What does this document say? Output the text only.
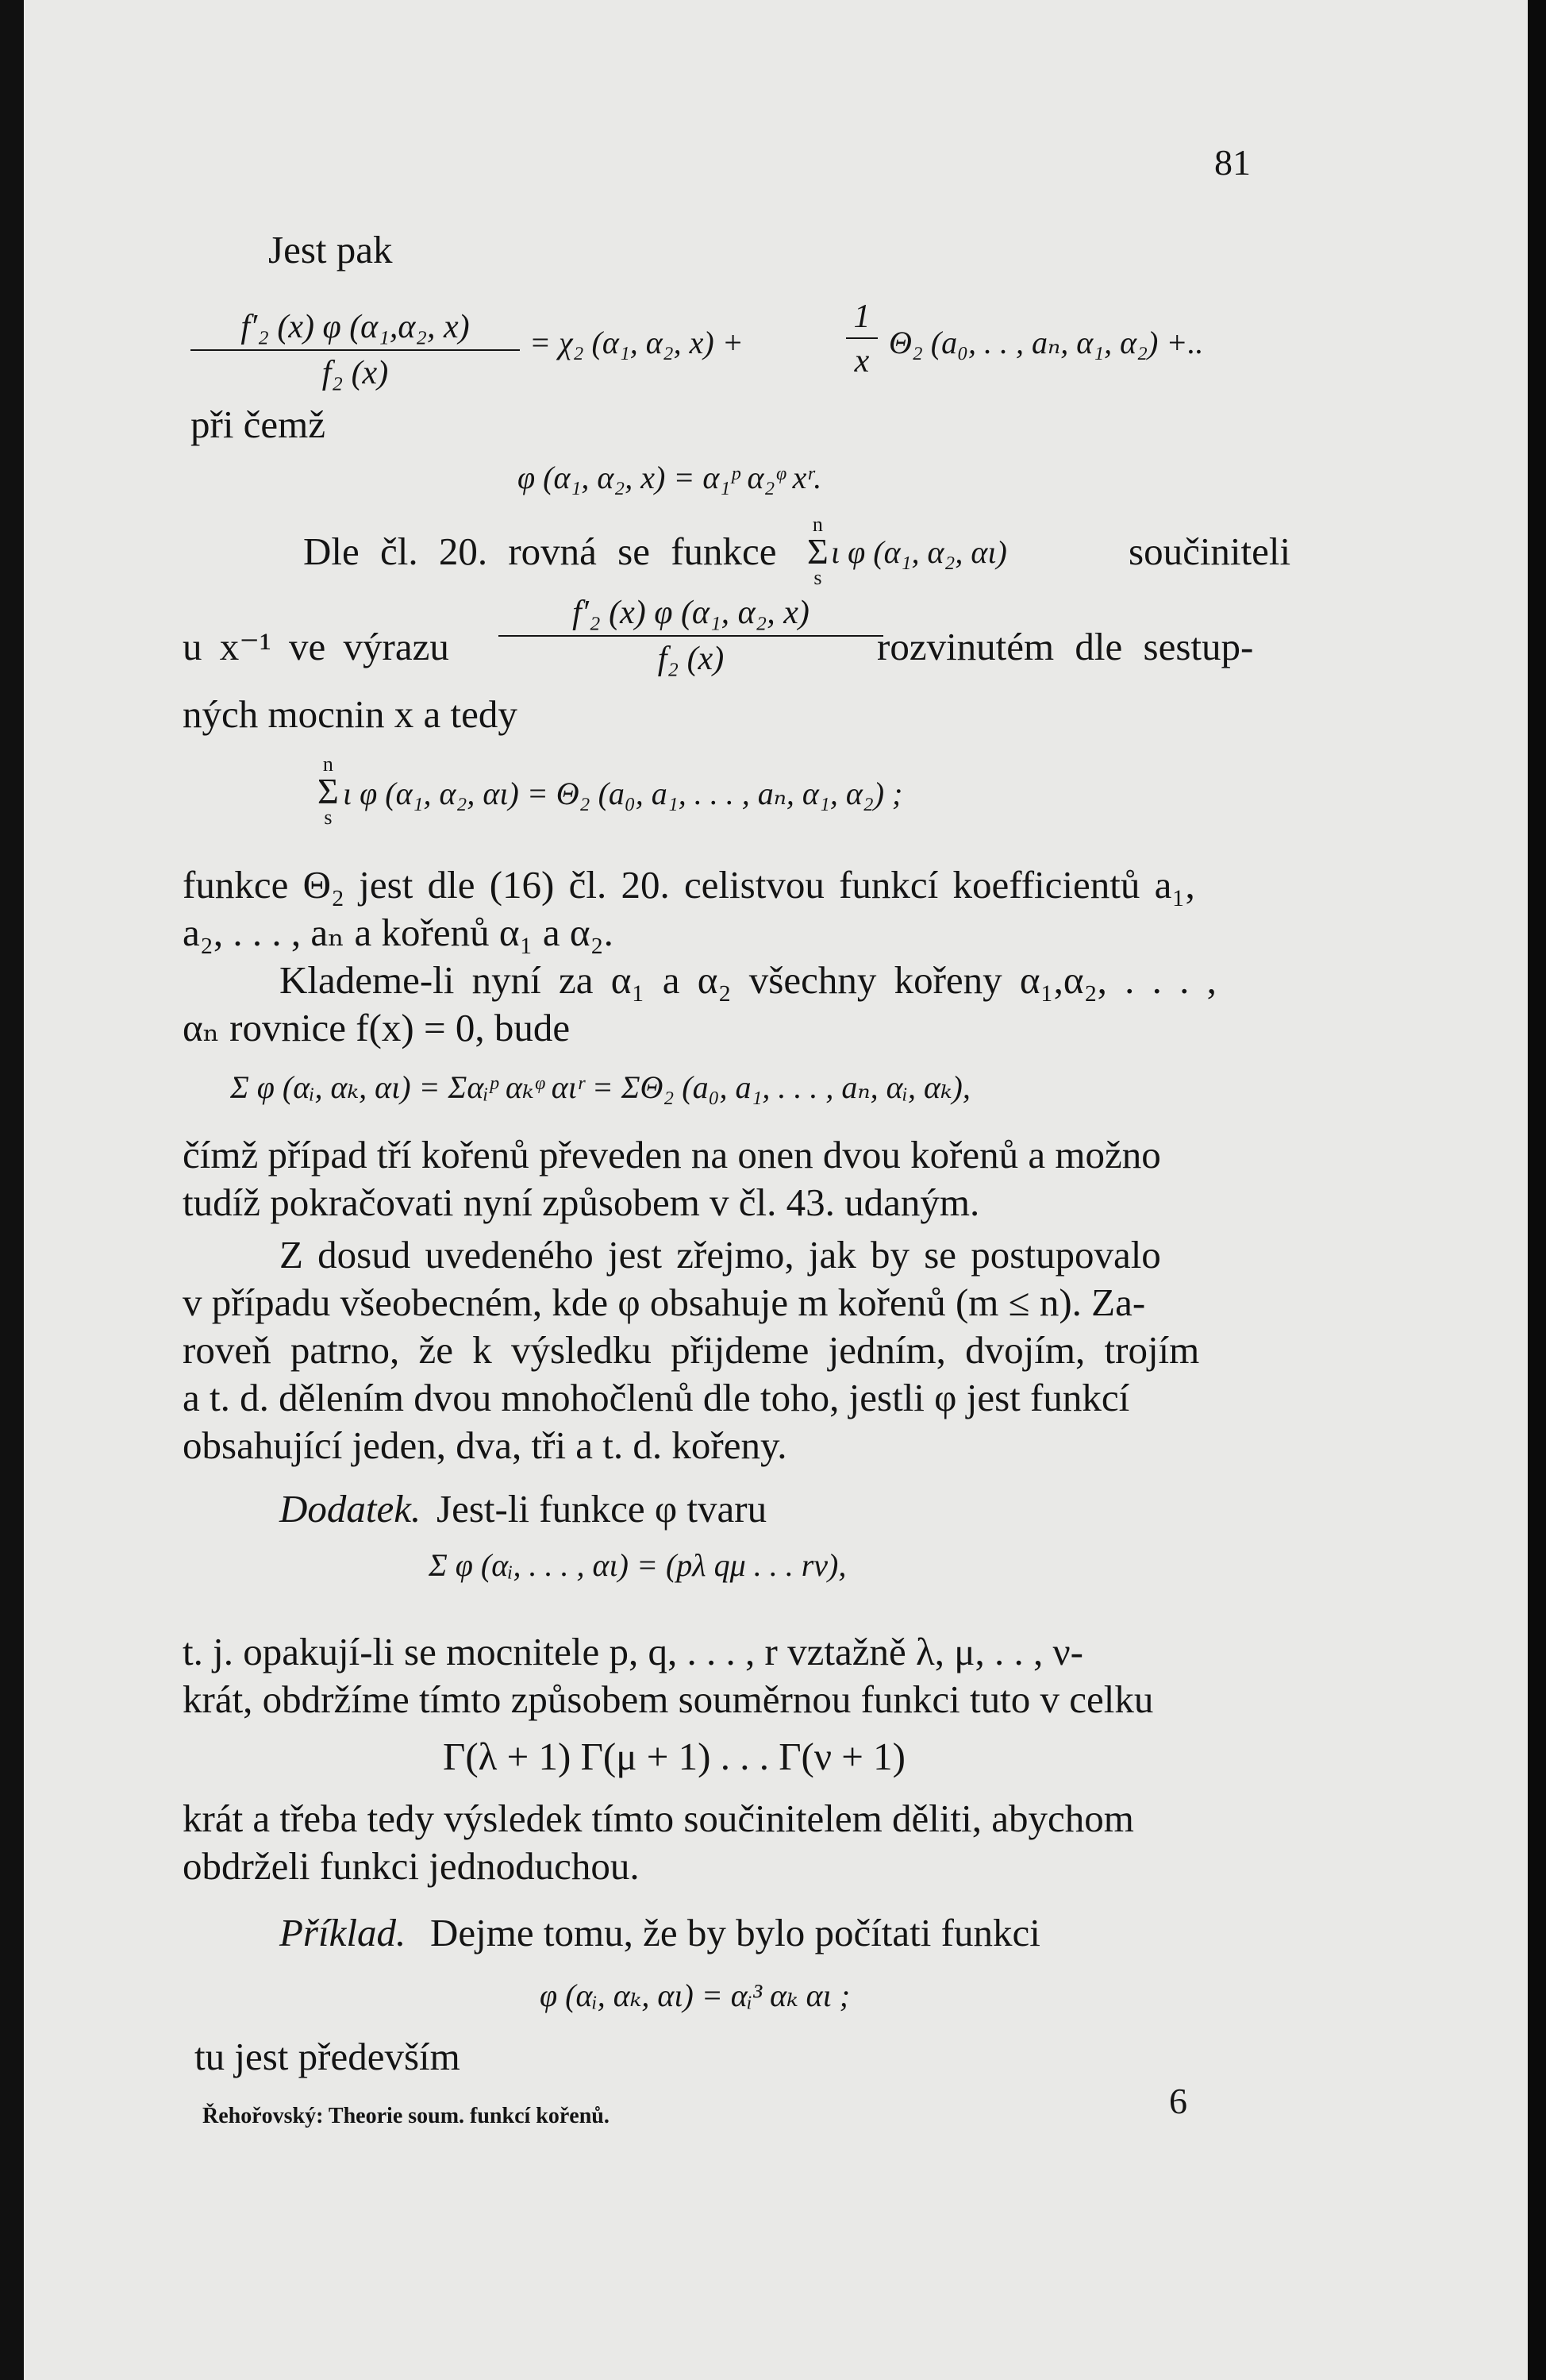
81
Jest pak
$\frac{\text{f′₂ (x) φ (α₁,α₂, x)}}{\text{f₂ (x)}} = \chi_2$ (α₁, α₂, x) +	$\frac{1}{x} \Theta_2$ (a₀, . . , aₙ, α₁, α₂) +..
při čemž
φ (α₁, α₂, x) = α₁ᵖ α₂ᵠ xʳ.
Dle čl. 20. rovná se funkce
n
Σ
s
ι φ (α₁, α₂, αι)	součiniteli
u x⁻¹ ve výrazu $\frac{\text{f′₂ (x) φ (α₁, α₂, x)}}{\text{f₂ (x)}}$
rozvinutém dle sestup-
ných mocnin x a tedy
n
Σ
s
ι φ (α₁, α₂, αι) = Θ₂ (a₀, a₁, . . . , aₙ, α₁, α₂) ;
funkce Θ₂ jest dle (16) čl. 20. celistvou funkcí koefficientů a₁,
a₂, . . . , aₙ a kořenů α₁ a α₂.
Klademe-li nyní za α₁ a α₂ všechny kořeny α₁,α₂, . . . ,
αₙ rovnice f(x) = 0, bude
Σ φ (αᵢ, αₖ, αι) = Σαᵢᵖ αₖᵠ αιʳ = ΣΘ₂ (a₀, a₁, . . . , aₙ, αᵢ, αₖ),
čímž případ tří kořenů převeden na onen dvou kořenů a možno
tudíž pokračovati nyní způsobem v čl. 43. udaným.
Z dosud uvedeného jest zřejmo, jak by se postupovalo
v případu všeobecném, kde φ obsahuje m kořenů (m ≤ n). Za-
roveň patrno, že k výsledku přijdeme jedním, dvojím, trojím
a t. d. dělením dvou mnohočlenů dle toho, jestli φ jest funkcí
obsahující jeden, dva, tři a t. d. kořeny.
Dodatek. Jest-li funkce φ tvaru
Σ φ (αᵢ, . . . , αι) = (pλ qμ . . . rν),
t. j. opakují-li se mocnitele p, q, . . . , r vztažně λ, μ, . . , ν-
krát, obdržíme tímto způsobem souměrnou funkci tuto v celku
Γ(λ + 1) Γ(μ + 1) . . . Γ(ν + 1)
krát a třeba tedy výsledek tímto součinitelem děliti, abychom
obdrželi funkci jednoduchou.
Příklad. Dejme tomu, že by bylo počítati funkci
φ (αᵢ, αₖ, αι) = αᵢ³ αₖ αι ;
tu jest především
Řehořovský: Theorie soum. funkcí kořenů.	6
